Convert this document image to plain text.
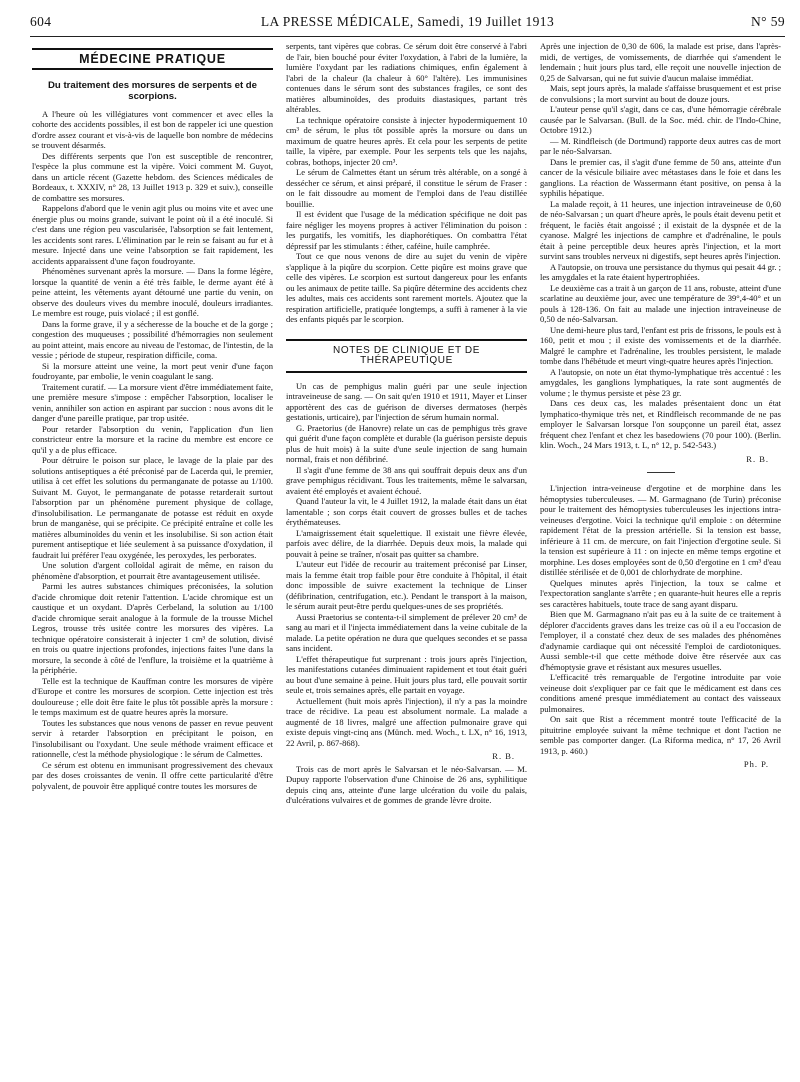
604	LA PRESSE MÉDICALE, Samedi, 19 Juillet 1913	N° 59
MÉDECINE PRATIQUE
Du traitement des morsures de serpents et de scorpions.

A l'heure où les villégiatures vont commencer et avec elles la cohorte des accidents possibles, il est bon de rappeler ici une question d'ordre assez courant et vis-à-vis de laquelle bon nombre de médecins se trouvent désarmés.

Des différents serpents que l'on est susceptible de rencontrer, l'espèce la plus commune est la vipère. Voici comment M. Guyot, dans un article récent (Gazette hebdom. des Sciences médicales de Bordeaux, t. XXXIV, n° 28, 13 Juillet 1913 p. 329 et suiv.), conseille de combattre ses morsures.

Rappelons d'abord que le venin agit plus ou moins vite et avec une énergie plus ou moins grande, suivant le point où il a été inoculé. Si c'est dans une région peu vascularisée, l'absorption se fait lentement, les accidents sont rares. L'élimination par le rein se faisant au fur et à mesure. Injecté dans une veine l'absorption se fait rapidement, les accidents apparaissent d'une façon foudroyante.

Phénomènes survenant après la morsure. — Dans la forme légère, lorsque la quantité de venin a été très faible, le derme ayant été à peine atteint, les vêtements ayant détourné une partie du venin, on observe des douleurs vives du membre inoculé, douleurs irradiantes. Le membre est rouge, puis violacé ; il est gonflé.

Dans la forme grave, il y a sécheresse de la bouche et de la gorge ; congestion des muqueuses ; possibilité d'hémorragies non seulement au point atteint, mais encore au niveau de l'estomac, de l'intestin, de la vessie ; période de stupeur, respiration difficile, coma.

Si la morsure atteint une veine, la mort peut venir d'une façon foudroyante, par embolie, le venin coagulant le sang.

Traitement curatif. — La morsure vient d'être immédiatement faite, une première mesure s'impose : empêcher l'absorption, localiser le venin, annihiler son action en aspirant par succion : nous avons dit le danger d'une pareille pratique, par trop usitée.

Pour retarder l'absorption du venin, l'application d'un lien constricteur entre la morsure et la racine du membre est encore ce qu'il y a de plus efficace.

Pour détruire le poison sur place, le lavage de la plaie par des solutions antiseptiques a été préconisé par de Lacerda qui, le premier, utilisa à cet effet les solutions du permanganate de potasse au 1/100. Suivant M. Guyot, le permanganate de potasse retarderait surtout l'absorption par un phénomène purement physique de collage, d'insolubilisation. Le permanganate de potasse est réduit en oxyde brun de manganèse, qui se précipite. Ce précipité entraîne et colle les matières albuminoïdes du venin et les insolubilise. Si son action était purement antiseptique et liée seulement à sa puissance d'oxydation, il faudrait lui préférer l'eau oxygénée, les peroxydes, les perborates.

Une solution d'argent colloïdal agirait de même, en raison du phénomène d'absorption, et pourrait être avantageusement utilisée.

Parmi les autres substances chimiques préconisées, la solution d'acide chromique doit retenir l'attention. L'acide chromique est un caustique et un oxydant. D'après Cerbeland, la solution au 1/100 d'acide chromique serait analogue à la formule de la trousse Michel Legros, trousse très usitée contre les morsures des vipères. La technique opératoire consisterait à injecter 1 cm³ de solution, divisé en trois ou quatre injections profondes, injections faites l'une dans la morsure, la seconde à côté de l'enflure, la troisième et la quatrième à la périphérie.

Telle est la technique de Kauffman contre les morsures de vipère d'Europe et contre les morsures de scorpion. Cette injection est très douloureuse ; elle doit être faite le plus tôt possible après la morsure : le temps maximum est de quatre heures après la morsure.

Toutes les substances que nous venons de passer en revue peuvent servir à retarder l'absorption en précipitant le poison, en l'insolubilisant ou l'oxydant. Une seule méthode vraiment efficace et rationnelle, c'est la méthode physiologique : le sérum de Calmettes.

Ce sérum est obtenu en immunisant progressivement des chevaux par des doses croissantes de venin. Il offre cette particularité d'être polyvalent, de pouvoir être appliqué contre toutes les morsures de

serpents, tant vipères que cobras. Ce sérum doit être conservé à l'abri de l'air, bien bouché pour éviter l'oxydation, à l'abri de la lumière, la lumière l'oxydant par les radiations chimiques, enfin également à l'abri de la chaleur (la chaleur à 60° l'altère). Les immunisines contenues dans le sérum sont des substances fragiles, ce sont des matières albuminoïdes, des produits diastasiques, partant très altérables.

La technique opératoire consiste à injecter hypodermiquement 10 cm³ de sérum, le plus tôt possible après la morsure ou dans un maximum de quatre heures après. Et cela pour les serpents de petite taille, la vipère, par exemple. Pour les serpents tels que les najahs, cobras, bothops, injecter 20 cm³.

Le sérum de Calmettes étant un sérum très altérable, on a songé à dessécher ce sérum, et ainsi préparé, il constitue le sérum de Fraser : on le fait dissoudre au moment de l'emploi dans de l'eau distillée bouillie.

Il est évident que l'usage de la médication spécifique ne doit pas faire négliger les moyens propres à activer l'élimination du poison : les purgatifs, les vomitifs, les diaphorétiques. On combattra l'état dépressif par les stimulants : éther, caféine, huile camphrée.

Tout ce que nous venons de dire au sujet du venin de vipère s'applique à la piqûre du scorpion. Cette piqûre est moins grave que celle des vipères. Le scorpion est surtout dangereux pour les enfants ou les animaux de petite taille. Sa piqûre détermine des accidents chez les adultes, mais ces accidents sont rarement mortels. Ajoutez que la respiration artificielle, pratiquée longtemps, a suffi à ramener à la vie des enfants piqués par le scorpion.

NOTES DE CLINIQUE ET DE THÉRAPEUTIQUE

Un cas de pemphigus malin guéri par une seule injection intraveineuse de sang. — On sait qu'en 1910 et 1911, Mayer et Linser apportèrent des cas de guérison de diverses dermatoses (herpès gestationis, urticaire), par l'injection de sérum humain normal.

G. Praetorius (de Hanovre) relate un cas de pemphigus très grave qui guérit d'une façon complète et durable (la guérison persiste depuis plus de huit mois) à la suite d'une seule injection de sang humain normal, frais et non défibriné.

Il s'agit d'une femme de 38 ans qui souffrait depuis deux ans d'un grave pemphigus récidivant. Tous les traitements, même le salvarsan, avaient été employés et avaient échoué.

Quand l'auteur la vit, le 4 Juillet 1912, la malade était dans un état lamentable ; son corps était couvert de grosses bulles et de taches érythémateuses.

L'amaigrissement était squelettique. Il existait une fièvre élevée, parfois avec délire, de la diarrhée. Depuis deux mois, la malade qui pouvait à peine se traîner, n'osait pas quitter sa chambre.

L'auteur eut l'idée de recourir au traitement préconisé par Linser, mais la femme était trop faible pour être conduite à l'hôpital, il était donc impossible de suivre exactement la technique de Linser (défibrination, centrifugation, etc.). Pendant le transport à la maison, le sérum aurait peut-être perdu quelques-unes de ses propriétés.

Aussi Praetorius se contenta-t-il simplement de prélever 20 cm³ de sang au mari et il l'injecta immédiatement dans la veine cubitale de la malade. La petite opération ne dura que quelques secondes et se passa sans incident.

L'effet thérapeutique fut surprenant : trois jours après l'injection, les manifestations cutanées diminuaient rapidement et tout était guéri au bout d'une semaine à peine. Huit jours plus tard, elle pouvait sortir seule et, trois semaines après, elle partait en voyage.

Actuellement (huit mois après l'injection), il n'y a pas la moindre trace de récidive. La peau est absolument normale. La malade a augmenté de 18 livres, malgré une affection pulmonaire grave qui existe depuis vingt-cinq ans (Münch. med. Woch., t. LX, n° 16, 1913, 22 Avril, p. 867-868).

R. B.

Trois cas de mort après le Salvarsan et le néo-Salvarsan. — M. Dupuy rapporte l'observation d'une Chinoise de 26 ans, syphilitique depuis cinq ans, atteinte d'une large ulcération du voile du palais, d'ulcérations vulvaires et de gommes de grande lèvre droite.

Après une injection de 0,30 de 606, la malade est prise, dans l'après-midi, de vertiges, de vomissements, de diarrhée qui s'amendent le lendemain ; huit jours plus tard, elle reçoit une nouvelle injection de 0,25 de Salvarsan, qui ne fut suivie d'aucun malaise immédiat.

Mais, sept jours après, la malade s'affaisse brusquement et est prise de convulsions ; la mort survint au bout de douze jours.

L'auteur pense qu'il s'agit, dans ce cas, d'une hémorragie cérébrale causée par le Salvarsan. (Bull. de la Soc. méd. chir. de l'Indo-Chine, Octobre 1912.)

— M. Rindfleisch (de Dortmund) rapporte deux autres cas de mort par le néo-Salvarsan.

Dans le premier cas, il s'agit d'une femme de 50 ans, atteinte d'un cancer de la vésicule biliaire avec métastases dans le foie et dans les ganglions. La réaction de Wassermann étant positive, on pensa à la syphilis hépatique.

La malade reçoit, à 11 heures, une injection intraveineuse de 0,60 de néo-Salvarsan ; un quart d'heure après, le pouls était devenu petit et fréquent, le faciès était angoissé ; il existait de la dyspnée et de la cyanose. Malgré les injections de camphre et d'adrénaline, le pouls était à peine perceptible deux heures après l'injection, et la mort survint sans troubles nerveux ni digestifs, sept heures après l'injection.

A l'autopsie, on trouva une persistance du thymus qui pesait 44 gr. ; les amygdales et la rate étaient hypertrophiées.

Le deuxième cas a trait à un garçon de 11 ans, robuste, atteint d'une scarlatine au deuxième jour, avec une température de 39°,4-40° et un pouls à 128-136. On fait au malade une injection intraveineuse de 0,50 de néo-Salvarsan.

Une demi-heure plus tard, l'enfant est pris de frissons, le pouls est à 160, petit et mou ; il existe des vomissements et de la diarrhée. Malgré le camphre et l'adrénaline, les troubles persistent, le malade tombe dans l'hébétude et meurt vingt-quatre heures après l'injection.

A l'autopsie, on note un état thymo-lymphatique très accentué : les amygdales, les ganglions lymphatiques, la rate sont augmentés de volume ; le thymus persiste et pèse 23 gr.

Dans ces deux cas, les malades présentaient donc un état lymphatico-thymique très net, et Rindfleisch recommande de ne pas employer le Salvarsan lorsque l'on soupçonne un pareil état, assez fréquent chez l'enfant et chez les basedowiens (70 pour 100). (Berlin. klin. Woch., 24 Mars 1913, t. L, n° 12, p. 542-543.)

R. B.

L'injection intra-veineuse d'ergotine et de morphine dans les hémoptysies tuberculeuses. — M. Garmagnano (de Turin) préconise pour le traitement des hémoptysies tuberculeuses les injections intra-veineuses d'ergotine. Voici la technique qu'il emploie : on détermine rapidement l'état de la pression artérielle. Si la tension est basse, inférieure à 11 cm. de mercure, on fait l'injection d'ergotine seule. Si la tension est supérieure à 11 : on injecte en même temps ergotine et morphine. Les doses employées sont de 0,50 d'ergotine en 1 cm³ d'eau distillée stérilisée et de 0,001 de chlorhydrate de morphine.

Quelques minutes après l'injection, la toux se calme et l'expectoration sanglante s'arrête ; en quarante-huit heures elle a repris ses caractères habituels, toute trace de sang ayant disparu.

Bien que M. Garmagnano n'ait pas eu à la suite de ce traitement à déplorer d'accidents graves dans les treize cas où il a eu l'occasion de l'employer, il a constaté chez deux de ses malades des phénomènes d'adynamie cardiaque qui ont nécessité l'emploi de cardiotoniques. Aussi semble-t-il que cette méthode doive être réservée aux cas d'hémoptysie grave et résistant aux mesures usuelles.

L'efficacité très remarquable de l'ergotine introduite par voie veineuse doit s'expliquer par ce fait que le médicament est dans ces conditions amené presque immédiatement au contact des vaisseaux pulmonaires.

On sait que Rist a récemment montré toute l'efficacité de la pituitrine employée suivant la même technique et dont l'action ne semble pas comporter danger. (La Riforma medica, n° 17, 26 Avril 1913, p. 460.)

Ph. P.
